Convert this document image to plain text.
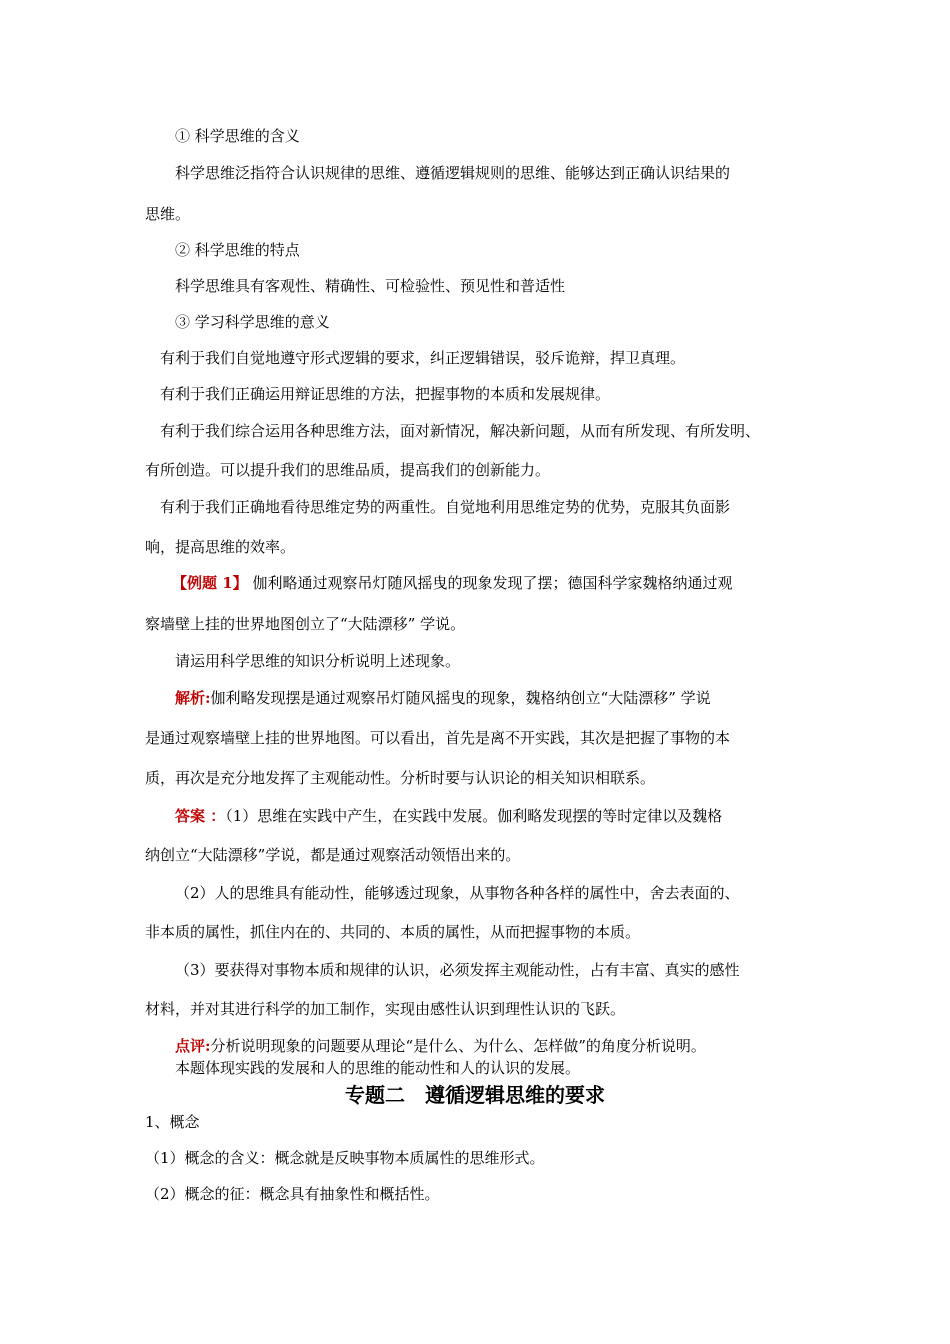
① 科学思维的含义
科学思维泛指符合认识规律的思维、遵循逻辑规则的思维、能够达到正确认识结果的
思维。
② 科学思维的特点
科学思维具有客观性、精确性、可检验性、预见性和普适性
③ 学习科学思维的意义
有利于我们自觉地遵守形式逻辑的要求，纠正逻辑错误，驳斥诡辩，捍卫真理。
有利于我们正确运用辩证思维的方法，把握事物的本质和发展规律。
有利于我们综合运用各种思维方法，面对新情况，解决新问题，从而有所发现、有所发明、
有所创造。可以提升我们的思维品质，提高我们的创新能力。
有利于我们正确地看待思维定势的两重性。自觉地利用思维定势的优势，克服其负面影
响，提高思维的效率。
【例题 1】 伽利略通过观察吊灯随风摇曳的现象发现了摆；德国科学家魏格纳通过观
察墙壁上挂的世界地图创立了“大陆漂移” 学说。
请运用科学思维的知识分析说明上述现象。
解析:伽利略发现摆是通过观察吊灯随风摇曳的现象，魏格纳创立“大陆漂移” 学说
是通过观察墙壁上挂的世界地图。可以看出，首先是离不开实践，其次是把握了事物的本
质，再次是充分地发挥了主观能动性。分析时要与认识论的相关知识相联系。
答案 ：（1）思维在实践中产生，在实践中发展。伽利略发现摆的等时定律以及魏格
纳创立“大陆漂移”学说，都是通过观察活动领悟出来的。
（2）人的思维具有能动性，能够透过现象，从事物各种各样的属性中，舍去表面的、
非本质的属性，抓住内在的、共同的、本质的属性，从而把握事物的本质。
（3）要获得对事物本质和规律的认识，必须发挥主观能动性，占有丰富、真实的感性
材料，并对其进行科学的加工制作，实现由感性认识到理性认识的飞跃。
点评:分析说明现象的问题要从理论“是什么、为什么、怎样做”的角度分析说明。
本题体现实践的发展和人的思维的能动性和人的认识的发展。
专题二　遵循逻辑思维的要求
1、概念
（1）概念的含义：概念就是反映事物本质属性的思维形式。
（2）概念的征：概念具有抽象性和概括性。
